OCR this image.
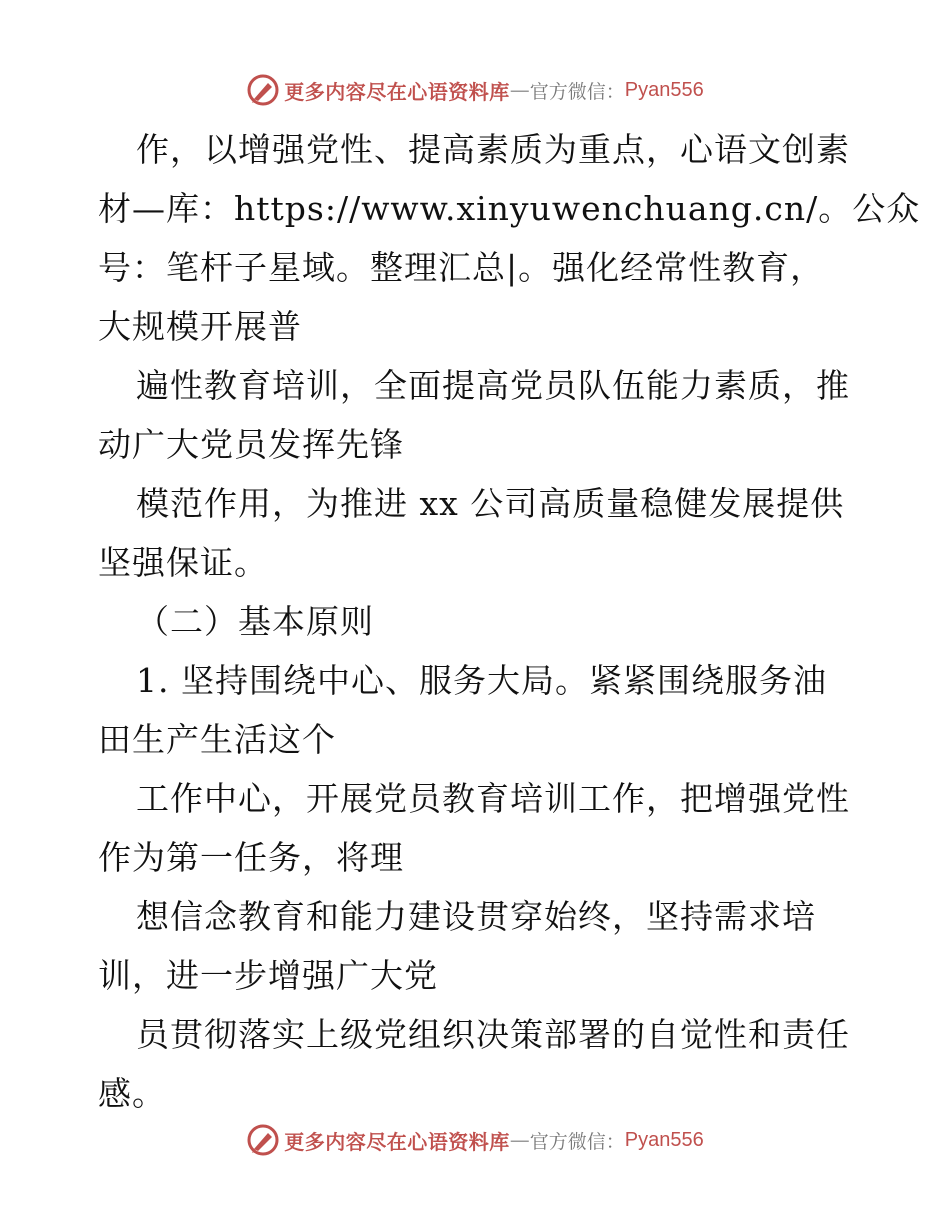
更多内容尽在心语资料库 — 官方微信： Pyan556
作，以增强党性、提高素质为重点，心语文创素
材—库：https://www.xinyuwenchuang.cn/。公众
号：笔杆子星域。整理汇总|。强化经常性教育，
大规模开展普
遍性教育培训，全面提高党员队伍能力素质，推
动广大党员发挥先锋
模范作用，为推进 xx 公司高质量稳健发展提供
坚强保证。
（二）基本原则
1. 坚持围绕中心、服务大局。紧紧围绕服务油
田生产生活这个
工作中心，开展党员教育培训工作，把增强党性
作为第一任务，将理
想信念教育和能力建设贯穿始终，坚持需求培
训，进一步增强广大党
员贯彻落实上级党组织决策部署的自觉性和责任
感。
更多内容尽在心语资料库 — 官方微信： Pyan556
